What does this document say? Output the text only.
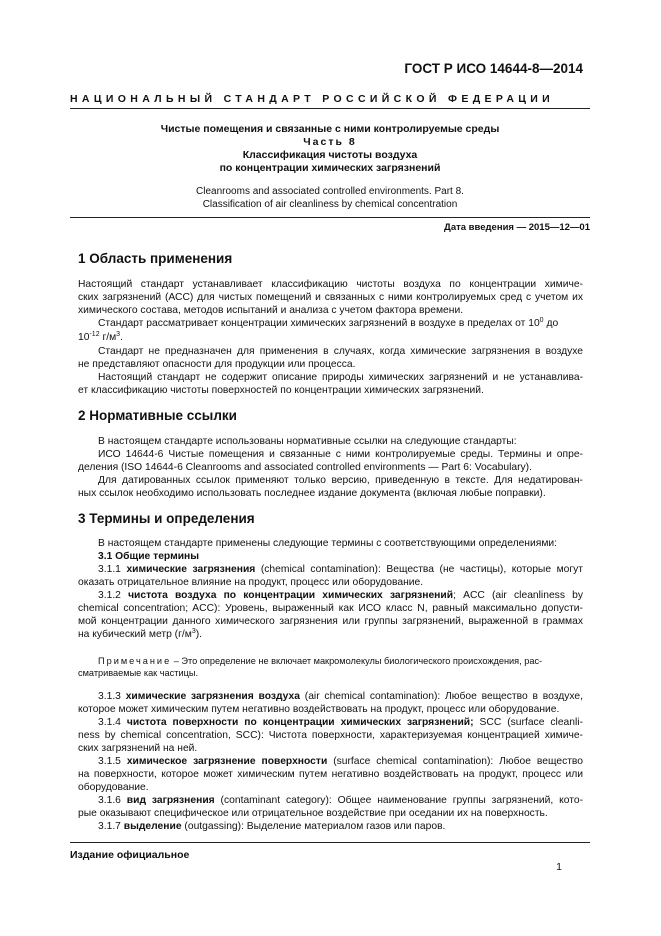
ГОСТ Р ИСО 14644-8—2014
НАЦИОНАЛЬНЫЙ СТАНДАРТ РОССИЙСКОЙ ФЕДЕРАЦИИ
Чистые помещения и связанные с ними контролируемые среды
Часть 8
Классификация чистоты воздуха
по концентрации химических загрязнений
Cleanrooms and associated controlled environments. Part 8.
Classification of air cleanliness by chemical concentration
Дата введения — 2015—12—01
1 Область применения
Настоящий стандарт устанавливает классификацию чистоты воздуха по концентрации химиче-
ских загрязнений (АСС) для чистых помещений и связанных с ними контролируемых сред с учетом их
химического состава, методов испытаний и анализа с учетом фактора времени.
Стандарт рассматривает концентрации химических загрязнений в воздухе в пределах от $10^0$ до
$10^{-12}$ $г/м^3$.
Стандарт не предназначен для применения в случаях, когда химические загрязнения в воздухе
не представляют опасности для продукции или процесса.
Настоящий стандарт не содержит описание природы химических загрязнений и не устанавлива-
ет классификацию чистоты поверхностей по концентрации химических загрязнений.
2 Нормативные ссылки
В настоящем стандарте использованы нормативные ссылки на следующие стандарты:
ИСО 14644-6 Чистые помещения и связанные с ними контролируемые среды. Термины и опре-
деления (ISO 14644-6 Cleanrooms and associated controlled environments — Part 6: Vocabulary).
Для датированных ссылок применяют только версию, приведенную в тексте. Для недатирован-
ных ссылок необходимо использовать последнее издание документа (включая любые поправки).
3 Термины и определения
В настоящем стандарте применены следующие термины с соответствующими определениями:
3.1 Общие термины
3.1.1 химические загрязнения (chemical contamination): Вещества (не частицы), которые могут
оказать отрицательное влияние на продукт, процесс или оборудование.
3.1.2 чистота воздуха по концентрации химических загрязнений; ACC (air cleanliness by
chemical concentration; ACC): Уровень, выраженный как ИСО класс N, равный максимально допусти-
мой концентрации данного химического загрязнения или группы загрязнений, выраженной в граммах
на кубический метр $(г/м^3)$.
Примечание – Это определение не включает макромолекулы биологического происхождения, рас-
сматриваемые как частицы.
3.1.3 химические загрязнения воздуха (air chemical contamination): Любое вещество в воздухе,
которое может химическим путем негативно воздействовать на продукт, процесс или оборудование.
3.1.4 чистота поверхности по концентрации химических загрязнений; SCC (surface cleanli-
ness by chemical concentration, SCC): Чистота поверхности, характеризуемая концентрацией химиче-
ских загрязнений на ней.
3.1.5 химическое загрязнение поверхности (surface chemical contamination): Любое вещество
на поверхности, которое может химическим путем негативно воздействовать на продукт, процесс или
оборудование.
3.1.6 вид загрязнения (contaminant category): Общее наименование группы загрязнений, кото-
рые оказывают специфическое или отрицательное воздействие при оседании их на поверхность.
3.1.7 выделение (outgassing): Выделение материалом газов или паров.
Издание официальное
1
